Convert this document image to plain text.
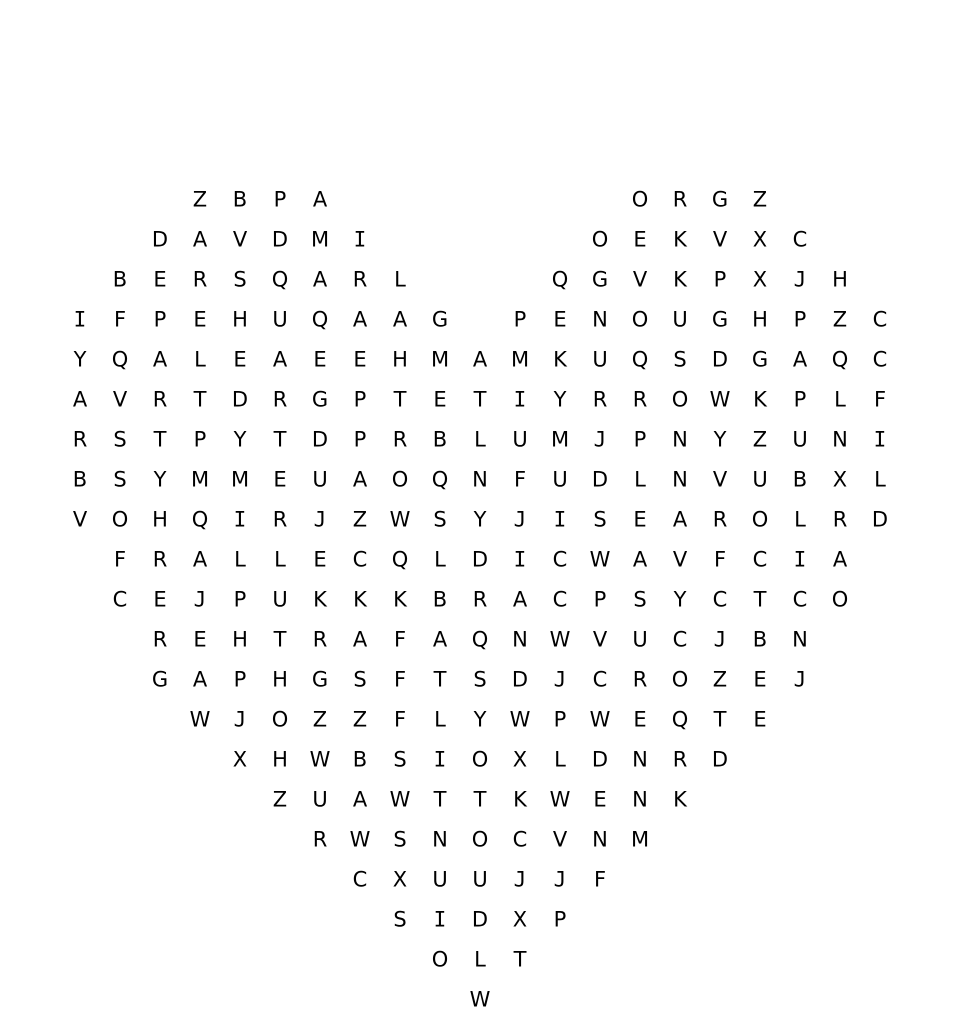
Z B P A	O R G Z
D A V D M I	O E K V X C
B E R S Q A R L	Q G V K P X J H
I F P E H U Q A A G	P E N O U G H P Z C
Y Q A L E A E E H M A M K U Q S D G A Q C
A V R T D R G P T E T I Y R R O W K P L F
R S T P Y T D P R B L U M J P N Y Z U N I
B S Y M M E U A O Q N F U D L N V U B X L
V O H Q I R J Z W S Y J I S E A R O L R D
F R A L L E C Q L D I C W A V F C I A
C E J P U K K K B R A C P S Y C T C O
R E H T R A F A Q N W V U C J B N
G A P H G S F T S D J C R O Z E J
W J O Z Z F L Y W P W E Q T E
X H W B S I O X L D N R D
Z U A W T T K W E N K
R W S N O C V N M
C X U U J J F
S I D X P
O L T
W
